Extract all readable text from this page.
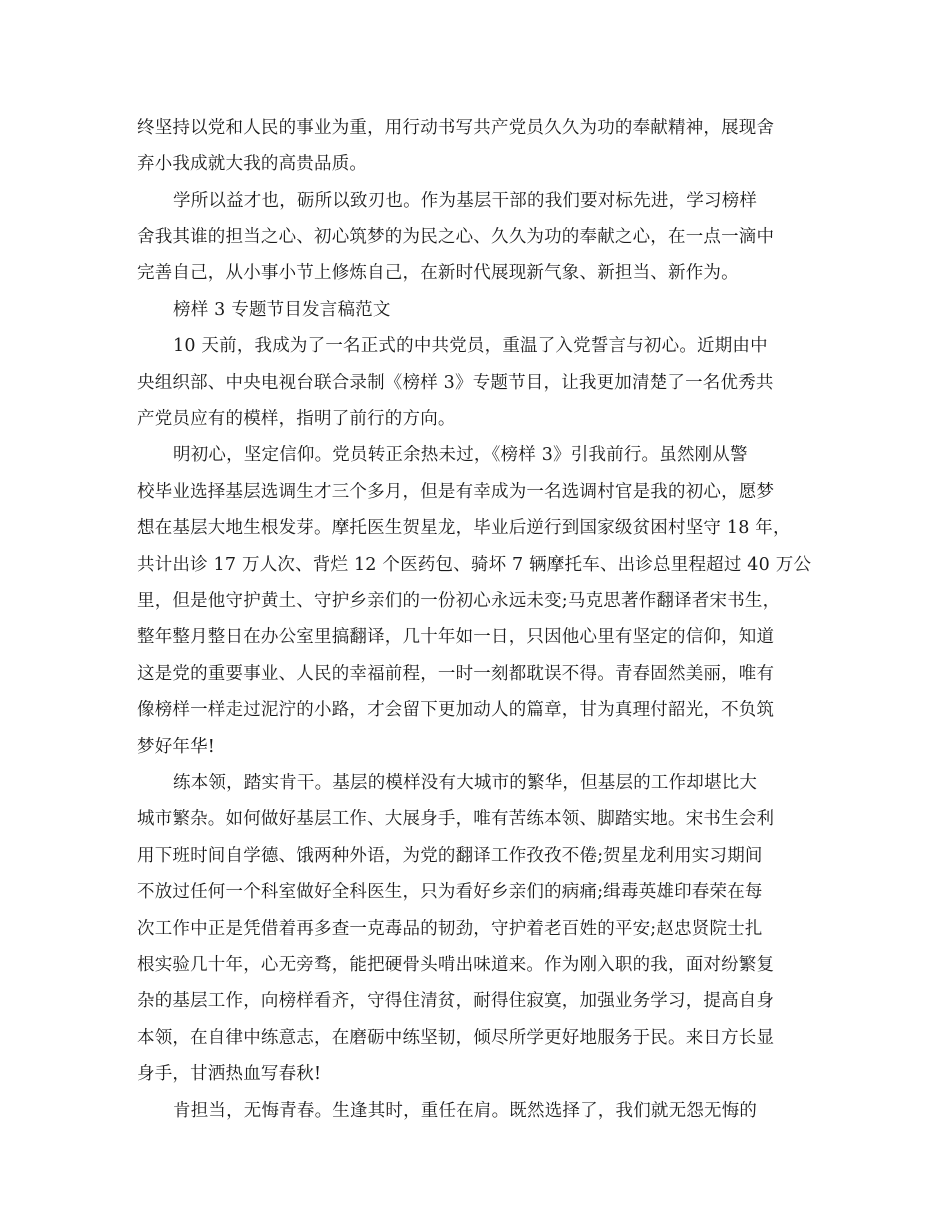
终坚持以党和人民的事业为重，用行动书写共产党员久久为功的奉献精神，展现舍

弃小我成就大我的高贵品质。

学所以益才也，砺所以致刃也。作为基层干部的我们要对标先进，学习榜样

舍我其谁的担当之心、初心筑梦的为民之心、久久为功的奉献之心，在一点一滴中

完善自己，从小事小节上修炼自己，在新时代展现新气象、新担当、新作为。

榜样 3 专题节目发言稿范文

10 天前，我成为了一名正式的中共党员，重温了入党誓言与初心。近期由中

央组织部、中央电视台联合录制《榜样 3》专题节目，让我更加清楚了一名优秀共

产党员应有的模样，指明了前行的方向。

明初心，坚定信仰。党员转正余热未过，《榜样 3》引我前行。虽然刚从警

校毕业选择基层选调生才三个多月，但是有幸成为一名选调村官是我的初心，愿梦

想在基层大地生根发芽。摩托医生贺星龙，毕业后逆行到国家级贫困村坚守 18 年，

共计出诊 17 万人次、背烂 12 个医药包、骑坏 7 辆摩托车、出诊总里程超过 40 万公

里，但是他守护黄土、守护乡亲们的一份初心永远未变;马克思著作翻译者宋书生，

整年整月整日在办公室里搞翻译，几十年如一日，只因他心里有坚定的信仰，知道

这是党的重要事业、人民的幸福前程，一时一刻都耽误不得。青春固然美丽，唯有

像榜样一样走过泥泞的小路，才会留下更加动人的篇章，甘为真理付韶光，不负筑

梦好年华!

练本领，踏实肯干。基层的模样没有大城市的繁华，但基层的工作却堪比大

城市繁杂。如何做好基层工作、大展身手，唯有苦练本领、脚踏实地。宋书生会利

用下班时间自学德、饿两种外语，为党的翻译工作孜孜不倦;贺星龙利用实习期间

不放过任何一个科室做好全科医生，只为看好乡亲们的病痛;缉毒英雄印春荣在每

次工作中正是凭借着再多查一克毒品的韧劲，守护着老百姓的平安;赵忠贤院士扎

根实验几十年，心无旁骛，能把硬骨头啃出味道来。作为刚入职的我，面对纷繁复

杂的基层工作，向榜样看齐，守得住清贫，耐得住寂寞，加强业务学习，提高自身

本领，在自律中练意志，在磨砺中练坚韧，倾尽所学更好地服务于民。来日方长显

身手，甘洒热血写春秋!

肯担当，无悔青春。生逢其时，重任在肩。既然选择了，我们就无怨无悔的
